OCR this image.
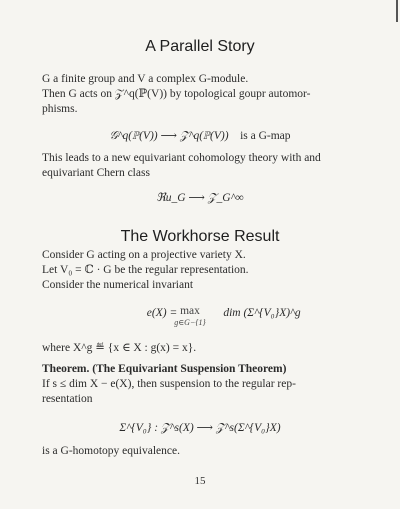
A Parallel Story
G a finite group and V a complex G-module.
Then G acts on 𝒵^q(ℙ(V)) by topological goupr automor-
phisms.
𝒢^q(ℙ(V)) ⟶ 𝒵^q(ℙ(V)) is a G-map
This leads to a new equivariant cohomology theory with and
equivariant Chern class
ℜu_G ⟶ 𝒵_G^∞
The Workhorse Result
Consider G acting on a projective variety X.
Let V₀ = ℂ · G be the regular representation.
Consider the numerical invariant
e(X) = max
g∈G−{1}
dim (Σ^{V₀}X)^g
where X^g ≝ {x ∈ X : g(x) = x}.
Theorem. (The Equivariant Suspension Theorem)
If s ≤ dim X − e(X), then suspension to the regular rep-
resentation
Σ^{V₀} : 𝒵^s(X) ⟶ 𝒵^s(Σ^{V₀}X)
is a G-homotopy equivalence.
15
